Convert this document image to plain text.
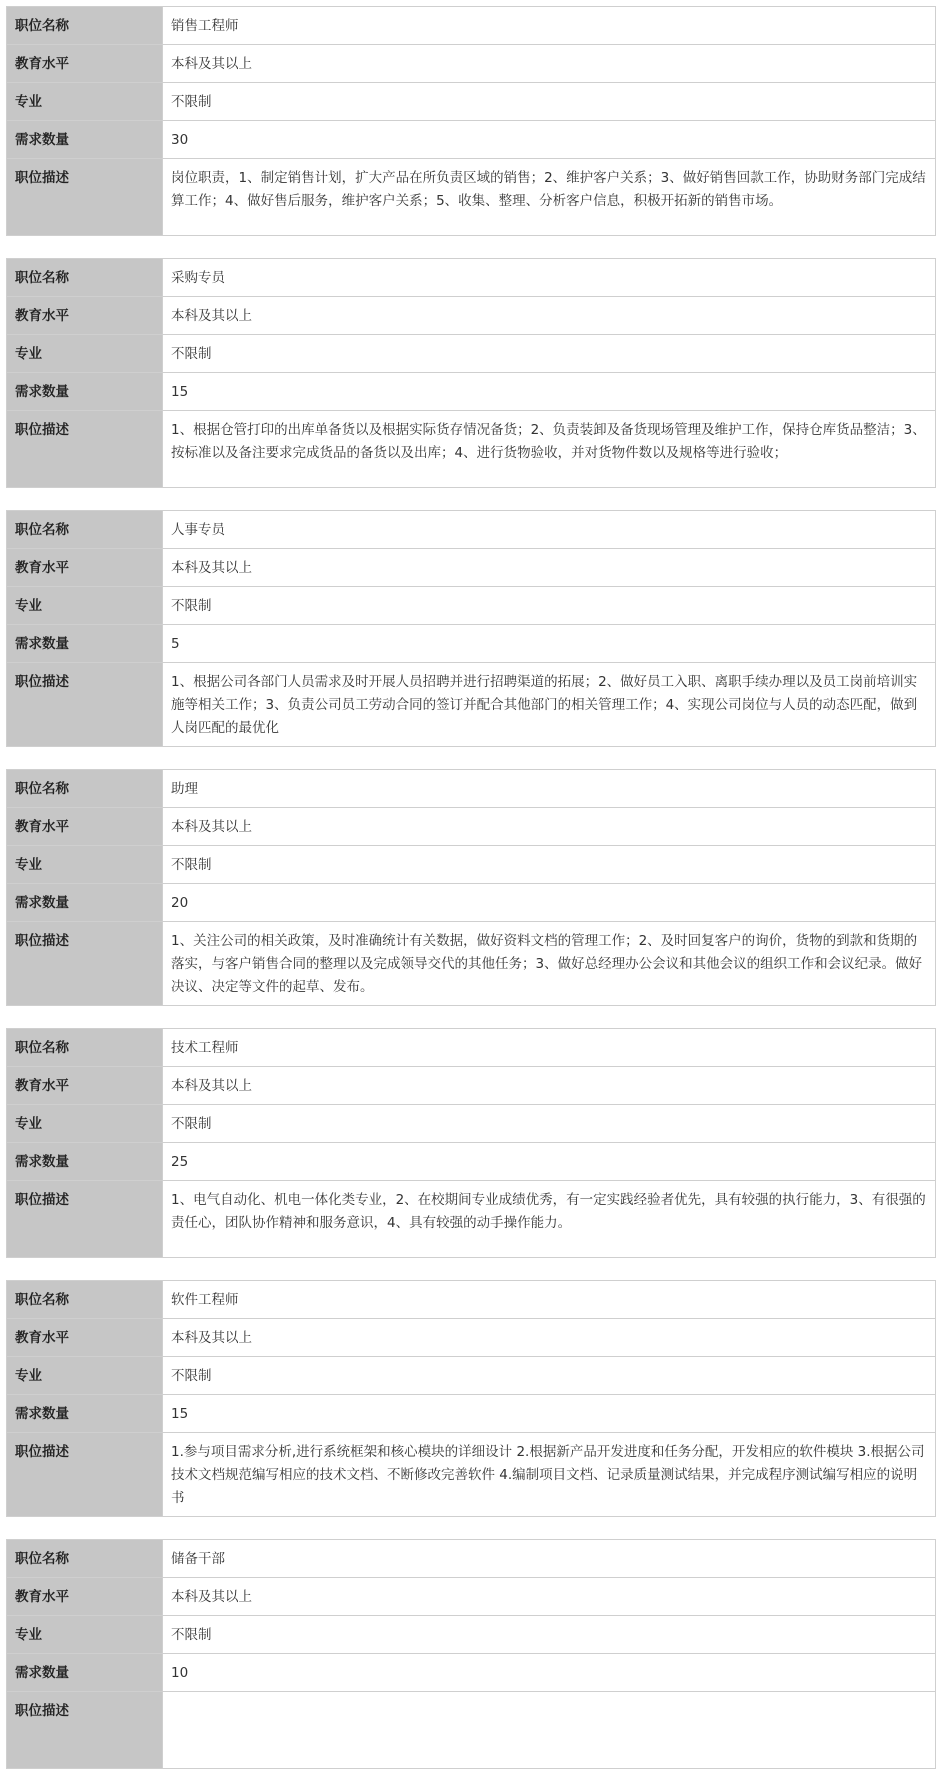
职位名称	销售工程师
教育水平	本科及其以上
专业	不限制
需求数量	30
职位描述	岗位职责，1、制定销售计划，扩大产品在所负责区域的销售；2、维护客户关系；3、做好销售回款工作，协助财务部门完成结算工作；4、做好售后服务，维护客户关系；5、收集、整理、分析客户信息，积极开拓新的销售市场。
职位名称	采购专员
教育水平	本科及其以上
专业	不限制
需求数量	15
职位描述	1、根据仓管打印的出库单备货以及根据实际货存情况备货；2、负责装卸及备货现场管理及维护工作，保持仓库货品整洁；3、按标准以及备注要求完成货品的备货以及出库；4、进行货物验收，并对货物件数以及规格等进行验收；
职位名称	人事专员
教育水平	本科及其以上
专业	不限制
需求数量	5
职位描述	1、根据公司各部门人员需求及时开展人员招聘并进行招聘渠道的拓展；2、做好员工入职、离职手续办理以及员工岗前培训实施等相关工作；3、负责公司员工劳动合同的签订并配合其他部门的相关管理工作；4、实现公司岗位与人员的动态匹配，做到人岗匹配的最优化
职位名称	助理
教育水平	本科及其以上
专业	不限制
需求数量	20
职位描述	1、关注公司的相关政策，及时准确统计有关数据，做好资料文档的管理工作；2、及时回复客户的询价，货物的到款和货期的落实，与客户销售合同的整理以及完成领导交代的其他任务；3、做好总经理办公会议和其他会议的组织工作和会议纪录。做好决议、决定等文件的起草、发布。
职位名称	技术工程师
教育水平	本科及其以上
专业	不限制
需求数量	25
职位描述	1、电气自动化、机电一体化类专业，2、在校期间专业成绩优秀，有一定实践经验者优先，具有较强的执行能力，3、有很强的责任心，团队协作精神和服务意识，4、具有较强的动手操作能力。
职位名称	软件工程师
教育水平	本科及其以上
专业	不限制
需求数量	15
职位描述	1.参与项目需求分析,进行系统框架和核心模块的详细设计 2.根据新产品开发进度和任务分配，开发相应的软件模块 3.根据公司技术文档规范编写相应的技术文档、不断修改完善软件 4.编制项目文档、记录质量测试结果，并完成程序测试编写相应的说明书
职位名称	储备干部
教育水平	本科及其以上
专业	不限制
需求数量	10
职位描述	
